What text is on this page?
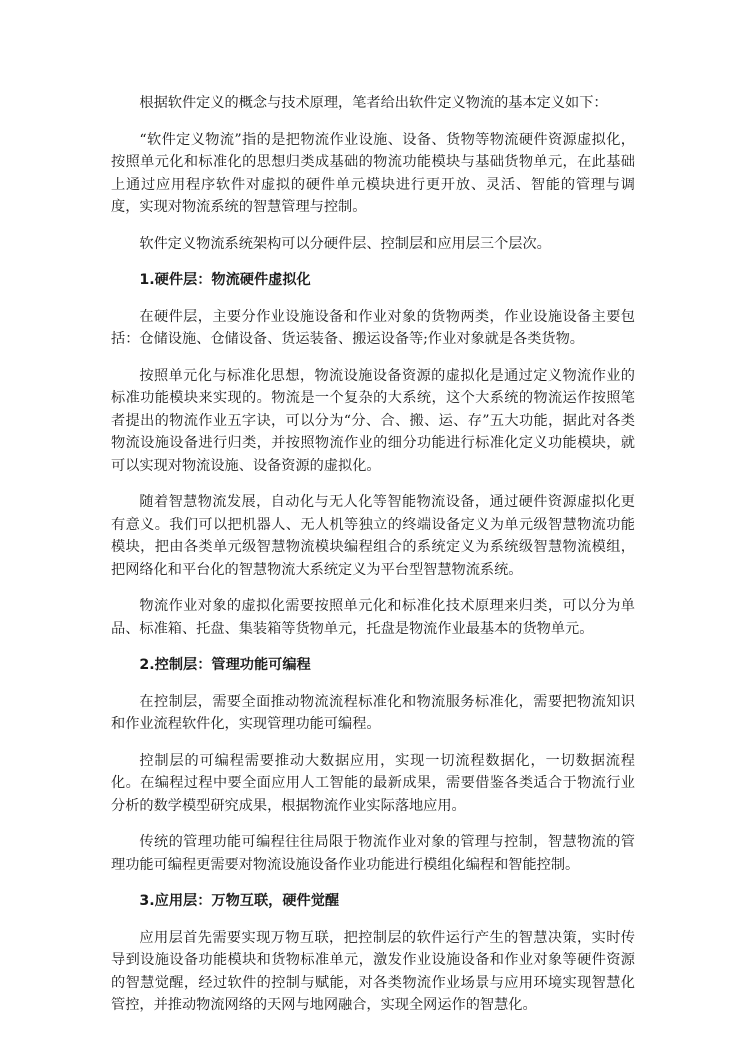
根据软件定义的概念与技术原理，笔者给出软件定义物流的基本定义如下：

“软件定义物流”指的是把物流作业设施、设备、货物等物流硬件资源虚拟化，按照单元化和标准化的思想归类成基础的物流功能模块与基础货物单元，在此基础上通过应用程序软件对虚拟的硬件单元模块进行更开放、灵活、智能的管理与调度，实现对物流系统的智慧管理与控制。

软件定义物流系统架构可以分硬件层、控制层和应用层三个层次。

1.硬件层：物流硬件虚拟化

在硬件层，主要分作业设施设备和作业对象的货物两类，作业设施设备主要包括：仓储设施、仓储设备、货运装备、搬运设备等;作业对象就是各类货物。

按照单元化与标准化思想，物流设施设备资源的虚拟化是通过定义物流作业的标准功能模块来实现的。物流是一个复杂的大系统，这个大系统的物流运作按照笔者提出的物流作业五字诀，可以分为“分、合、搬、运、存”五大功能，据此对各类物流设施设备进行归类，并按照物流作业的细分功能进行标准化定义功能模块，就可以实现对物流设施、设备资源的虚拟化。

随着智慧物流发展，自动化与无人化等智能物流设备，通过硬件资源虚拟化更有意义。我们可以把机器人、无人机等独立的终端设备定义为单元级智慧物流功能模块，把由各类单元级智慧物流模块编程组合的系统定义为系统级智慧物流模组，把网络化和平台化的智慧物流大系统定义为平台型智慧物流系统。

物流作业对象的虚拟化需要按照单元化和标准化技术原理来归类，可以分为单品、标准箱、托盘、集装箱等货物单元，托盘是物流作业最基本的货物单元。

2.控制层：管理功能可编程

在控制层，需要全面推动物流流程标准化和物流服务标准化，需要把物流知识和作业流程软件化，实现管理功能可编程。

控制层的可编程需要推动大数据应用，实现一切流程数据化，一切数据流程化。在编程过程中要全面应用人工智能的最新成果，需要借鉴各类适合于物流行业分析的数学模型研究成果，根据物流作业实际落地应用。

传统的管理功能可编程往往局限于物流作业对象的管理与控制，智慧物流的管理功能可编程更需要对物流设施设备作业功能进行模组化编程和智能控制。

3.应用层：万物互联，硬件觉醒

应用层首先需要实现万物互联，把控制层的软件运行产生的智慧决策，实时传导到设施设备功能模块和货物标准单元，激发作业设施设备和作业对象等硬件资源的智慧觉醒，经过软件的控制与赋能，对各类物流作业场景与应用环境实现智慧化管控，并推动物流网络的天网与地网融合，实现全网运作的智慧化。
